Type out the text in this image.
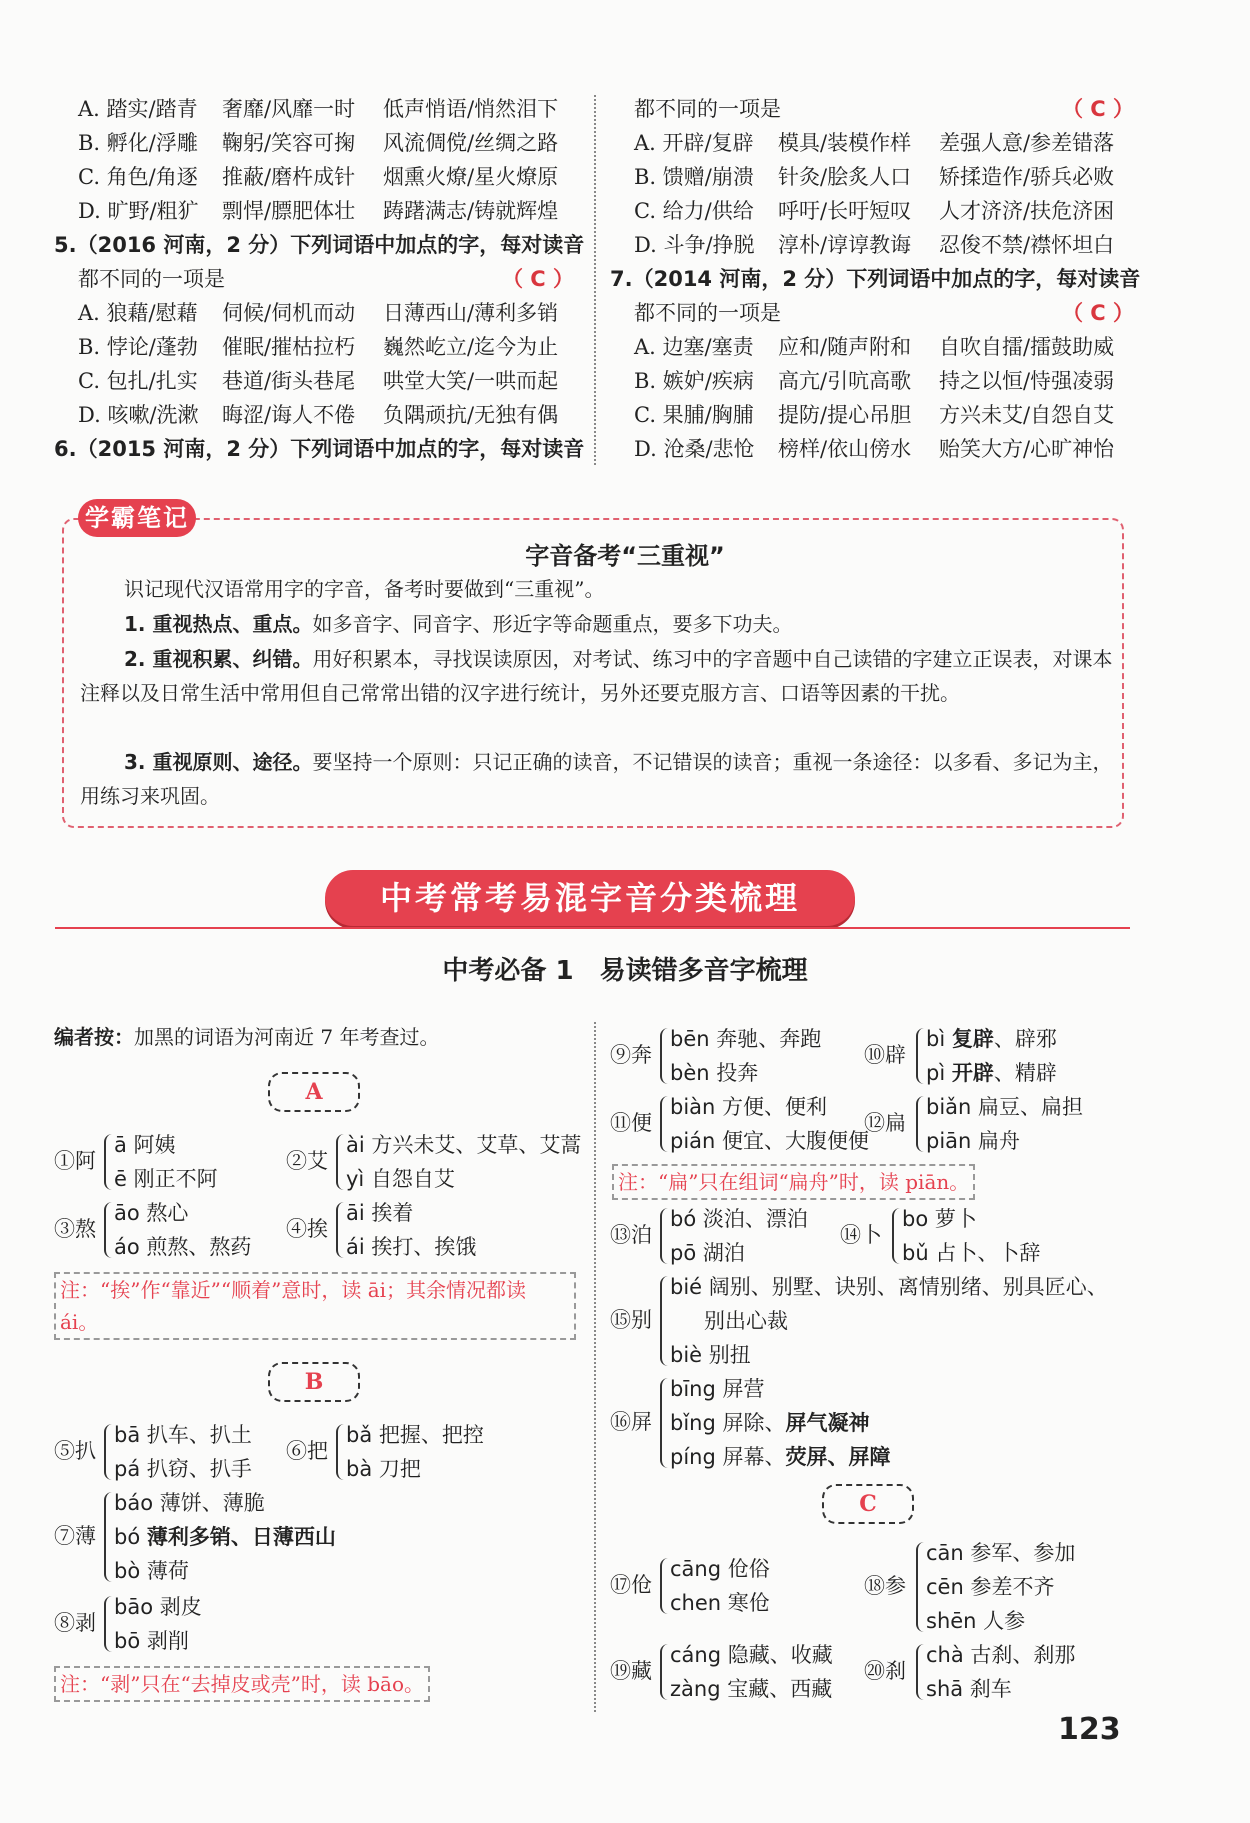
A. 踏实/踏青 奢靡/风靡一时 低声悄语/悄然泪下
B. 孵化/浮雕 鞠躬/笑容可掬 风流倜傥/丝绸之路
C. 角色/角逐 推蔽/磨杵成针 烟熏火燎/星火燎原
D. 旷野/粗犷 剽悍/膘肥体壮 踌躇满志/铸就辉煌
5.（2016 河南，2 分）下列词语中加点的字，每对读音
都不同的一项是	（ C ）
A. 狼藉/慰藉 伺候/伺机而动 日薄西山/薄利多销
B. 悖论/蓬勃 催眠/摧枯拉朽 巍然屹立/迄今为止
C. 包扎/扎实 巷道/街头巷尾 哄堂大笑/一哄而起
D. 咳嗽/洗漱 晦涩/诲人不倦 负隅顽抗/无独有偶
6.（2015 河南，2 分）下列词语中加点的字，每对读音
都不同的一项是	（ C ）
A. 开辟/复辟 模具/装模作样 差强人意/参差错落
B. 馈赠/崩溃 针灸/脍炙人口 矫揉造作/骄兵必败
C. 给力/供给 呼吁/长吁短叹 人才济济/扶危济困
D. 斗争/挣脱 淳朴/谆谆教诲 忍俊不禁/襟怀坦白
7.（2014 河南，2 分）下列词语中加点的字，每对读音
都不同的一项是	（ C ）
A. 边塞/塞责 应和/随声附和 自吹自擂/擂鼓助威
B. 嫉妒/疾病 高亢/引吭高歌 持之以恒/恃强凌弱
C. 果脯/胸脯 提防/提心吊胆 方兴未艾/自怨自艾
D. 沧桑/悲怆 榜样/依山傍水 贻笑大方/心旷神怡
学霸笔记
字音备考“三重视”
识记现代汉语常用字的字音，备考时要做到“三重视”。
1. 重视热点、重点。如多音字、同音字、形近字等命题重点，要多下功夫。
2. 重视积累、纠错。用好积累本，寻找误读原因，对考试、练习中的字音题中自己读错的字建立正误表，对课本注释以及日常生活中常用但自己常常出错的汉字进行统计，另外还要克服方言、口语等因素的干扰。
3. 重视原则、途径。要坚持一个原则：只记正确的读音，不记错误的读音；重视一条途径：以多看、多记为主，用练习来巩固。
中考常考易混字音分类梳理
中考必备 1　易读错多音字梳理
编者按：加黑的词语为河南近 7 年考查过。
A
①阿
ā 阿姨
ē 刚正不阿
②艾
ài 方兴未艾、艾草、艾蒿
yì 自怨自艾
③熬
āo 熬心
áo 煎熬、熬药
④挨
āi 挨着
ái 挨打、挨饿
注：“挨”作“靠近”“顺着”意时，读 āi；其余情况都读 ái。
B
⑤扒
bā 扒车、扒土
pá 扒窃、扒手
⑥把
bǎ 把握、把控
bà 刀把
⑦薄
báo 薄饼、薄脆
bó 薄利多销、日薄西山
bò 薄荷
⑧剥
bāo 剥皮
bō 剥削
注：“剥”只在“去掉皮或壳”时，读 bāo。
⑨奔
bēn 奔驰、奔跑
bèn 投奔
⑩辟
bì 复辟、辟邪
pì 开辟、精辟
⑪便
biàn 方便、便利
pián 便宜、大腹便便
⑫扁
biǎn 扁豆、扁担
piān 扁舟
注：“扁”只在组词“扁舟”时，读 piān。
⑬泊
bó 淡泊、漂泊
pō 湖泊
⑭卜
bo 萝卜
bǔ 占卜、卜辞
⑮别
bié 阔别、别墅、诀别、离情别绪、别具匠心、
别出心裁
biè 别扭
⑯屏
bīng 屏营
bǐng 屏除、屏气凝神
píng 屏幕、荧屏、屏障
C
⑰伧
cāng 伧俗
chen 寒伧
⑱参
cān 参军、参加
cēn 参差不齐
shēn 人参
⑲藏
cáng 隐藏、收藏
zàng 宝藏、西藏
⑳刹
chà 古刹、刹那
shā 刹车
123
